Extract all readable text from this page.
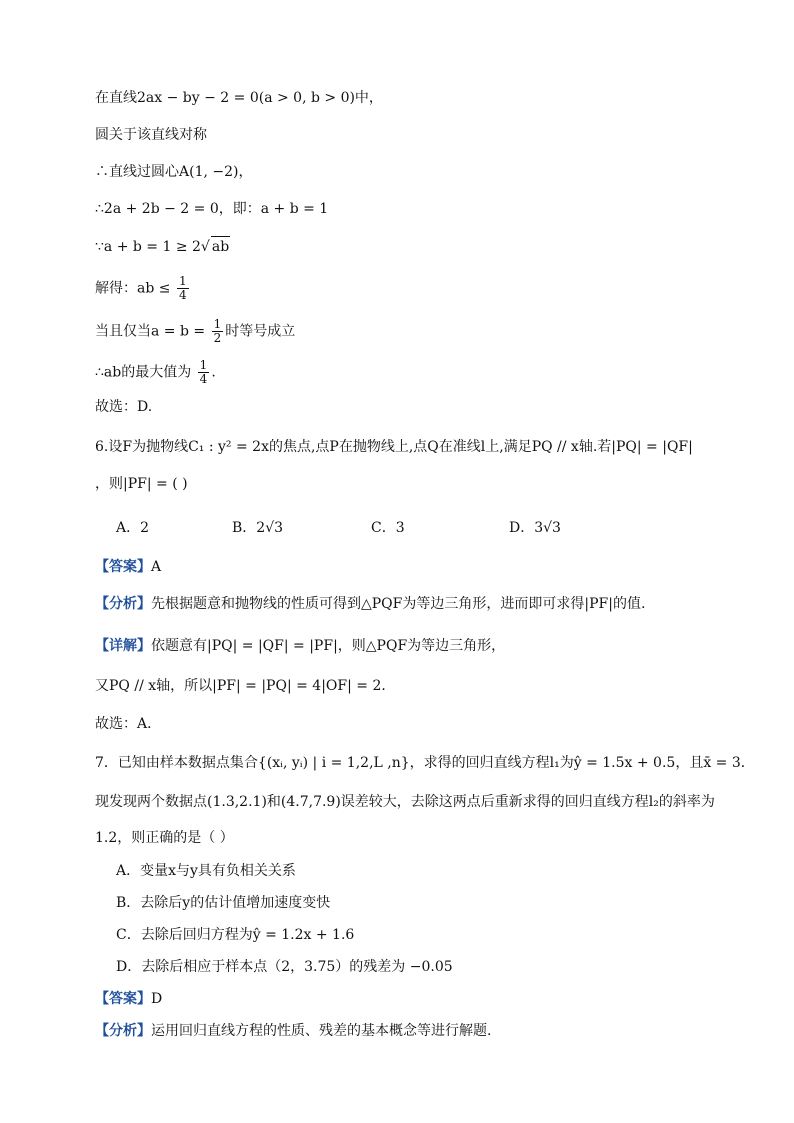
在直线2ax − by − 2 = 0(a > 0, b > 0)中，
圆关于该直线对称
∴直线过圆心A(1, −2)，
∴2a + 2b − 2 = 0，即：a + b = 1
∵a + b = 1 ≥ 2√ ab
解得：ab ≤ $\frac{1}{4}$
当且仅当$a = b = \frac{1}{2}$ 时等号成立
∴ab的最大值为 $\frac{1}{4}$ .
故选：D.
6.设F为抛物线C₁ : y² = 2x的焦点,点P在抛物线上,点Q在准线l上,满足PQ // x轴.若|PQ| = |QF|
，则|PF| = ( )
A．2	B．2√3	C．3	D．3√3
【答案】A
【分析】先根据题意和抛物线的性质可得到△PQF为等边三角形，进而即可求得|PF|的值.
【详解】依题意有|PQ| = |QF| = |PF|，则△PQF为等边三角形，
又PQ // x轴，所以|PF| = |PQ| = 4|OF| = 2．
故选：A．
7．已知由样本数据点集合{(xᵢ, yᵢ) | i = 1,2,L ,n}，求得的回归直线方程l₁为ŷ = 1.5x + 0.5，且x̄ = 3．
现发现两个数据点(1.3,2.1)和(4.7,7.9)误差较大，去除这两点后重新求得的回归直线方程l₂的斜率为
1.2，则正确的是（ ）
A．变量x与y具有负相关关系
B．去除后y的估计值增加速度变快
C．去除后回归方程为ŷ = 1.2x + 1.6
D．去除后相应于样本点（2，3.75）的残差为 −0.05
【答案】D
【分析】运用回归直线方程的性质、残差的基本概念等进行解题.
